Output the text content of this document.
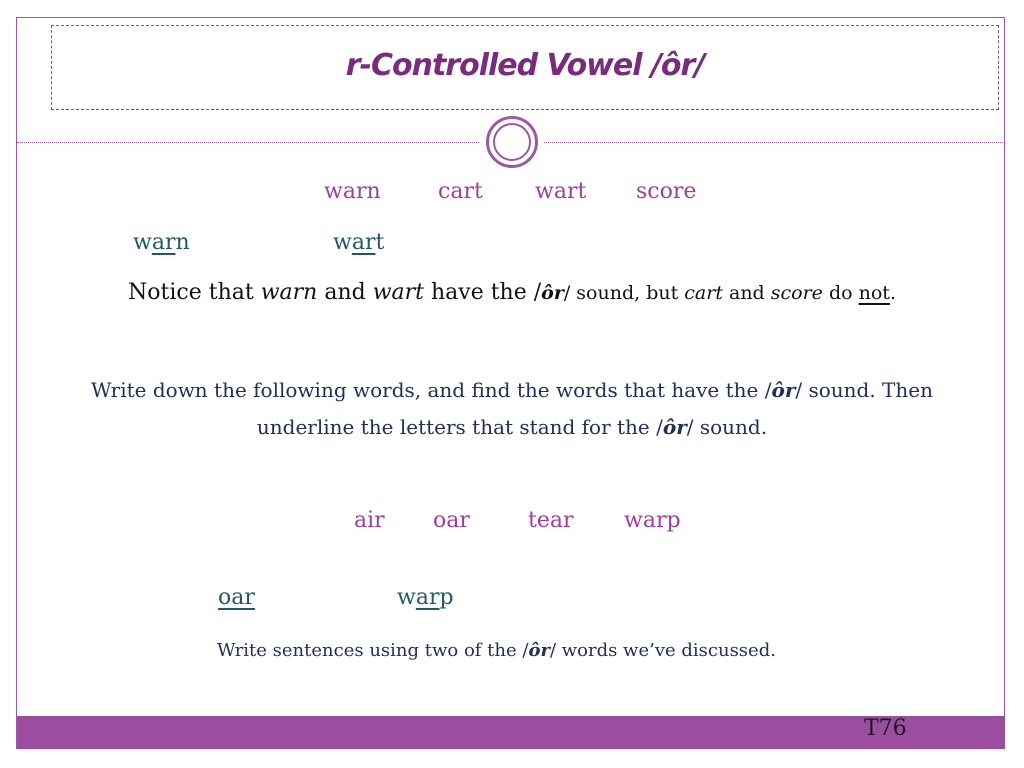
r-Controlled Vowel /ôr/
warn	cart wart score
warn	wart
Notice that warn and wart have the /ôr/ sound, but cart and score do not.
Write down the following words, and find the words that have the /ôr/ sound. Then underline the letters that stand for the /ôr/ sound.
air oar	tear warp
oar	warp
Write sentences using two of the /ôr/ words we’ve discussed.
T76
